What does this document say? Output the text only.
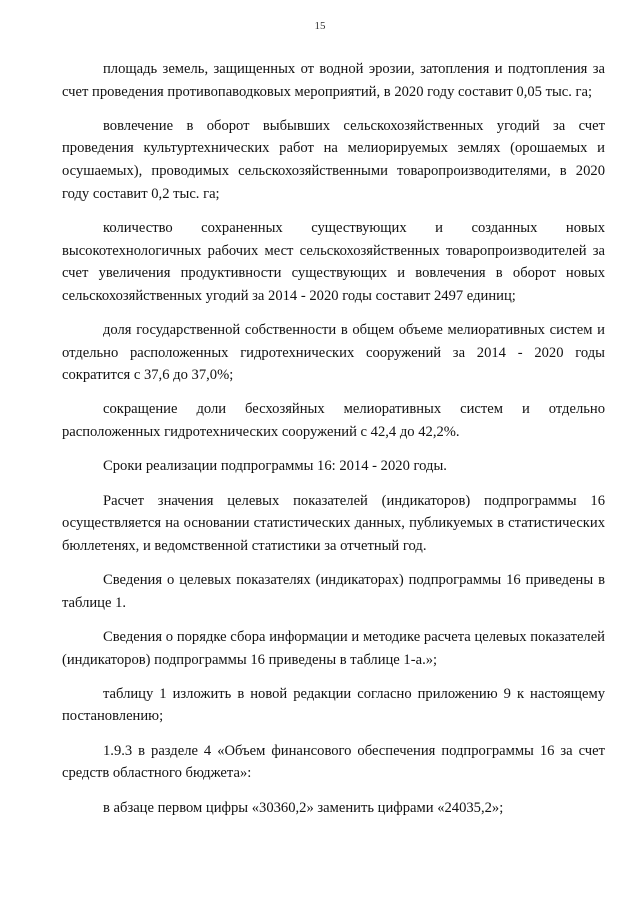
15

площадь земель, защищенных от водной эрозии, затопления и подтопления за счет проведения противопаводковых мероприятий, в 2020 году составит 0,05 тыс. га;

вовлечение в оборот выбывших сельскохозяйственных угодий за счет проведения культуртехнических работ на мелиорируемых землях (орошаемых и осушаемых), проводимых сельскохозяйственными товаропроизводителями, в 2020 году составит 0,2 тыс. га;

количество сохраненных существующих и созданных новых высокотехнологичных рабочих мест сельскохозяйственных товаропроизводителей за счет увеличения продуктивности существующих и вовлечения в оборот новых сельскохозяйственных угодий за 2014 - 2020 годы составит 2497 единиц;

доля государственной собственности в общем объеме мелиоративных систем и отдельно расположенных гидротехнических сооружений за 2014 - 2020 годы сократится с 37,6 до 37,0%;

сокращение доли бесхозяйных мелиоративных систем и отдельно расположенных гидротехнических сооружений с 42,4 до 42,2%.

Сроки реализации подпрограммы 16: 2014 - 2020 годы.

Расчет значения целевых показателей (индикаторов) подпрограммы 16 осуществляется на основании статистических данных, публикуемых в статистических бюллетенях, и ведомственной статистики за отчетный год.

Сведения о целевых показателях (индикаторах) подпрограммы 16 приведены в таблице 1.

Сведения о порядке сбора информации и методике расчета целевых показателей (индикаторов) подпрограммы 16 приведены в таблице 1-а.»;

таблицу 1 изложить в новой редакции согласно приложению 9 к настоящему постановлению;

1.9.3 в разделе 4 «Объем финансового обеспечения подпрограммы 16 за счет средств областного бюджета»:

в абзаце первом цифры «30360,2» заменить цифрами «24035,2»;
